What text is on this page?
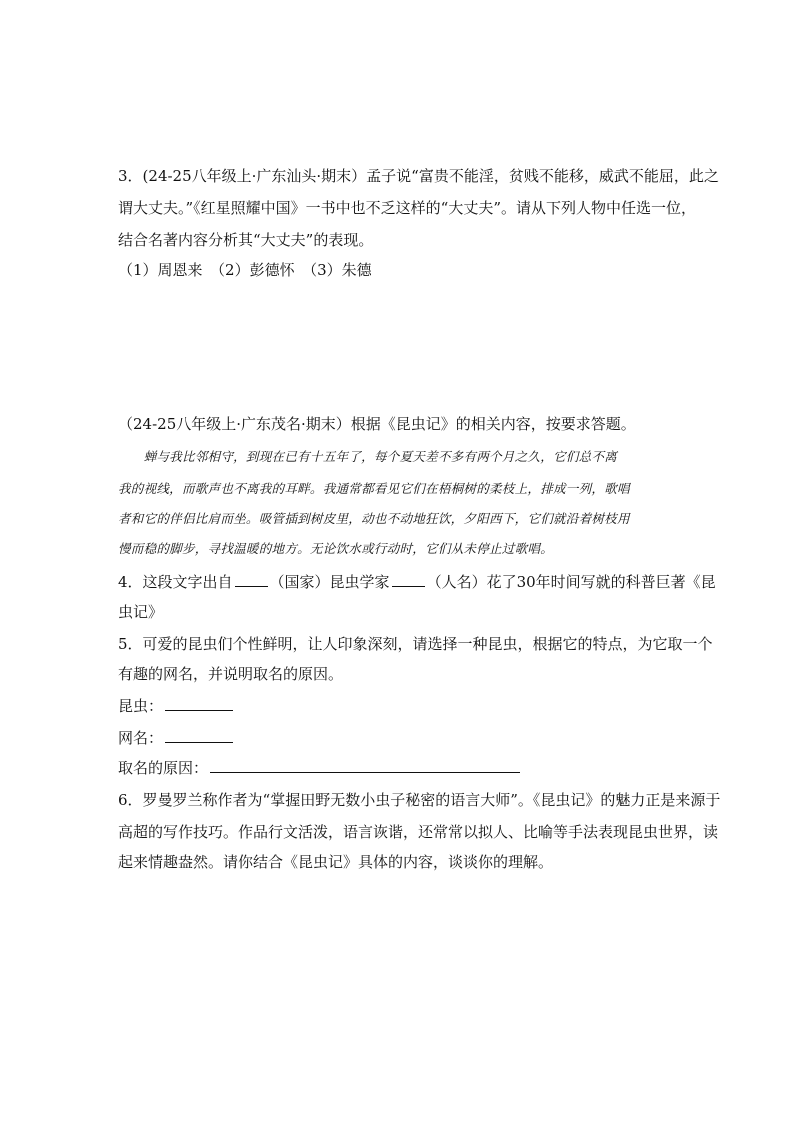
3．(24-25八年级上·广东汕头·期末）孟子说“富贵不能淫，贫贱不能移，威武不能屈，此之
谓大丈夫。”《红星照耀中国》一书中也不乏这样的“大丈夫”。请从下列人物中任选一位，
结合名著内容分析其“大丈夫”的表现。
（1）周恩来　（2）彭德怀　（3）朱德
（24-25八年级上·广东茂名·期末）根据《昆虫记》的相关内容，按要求答题。
　　蝉与我比邻相守，到现在已有十五年了，每个夏天差不多有两个月之久，它们总不离
我的视线，而歌声也不离我的耳畔。我通常都看见它们在梧桐树的柔枝上，排成一列，歌唱
者和它的伴侣比肩而坐。吸管插到树皮里，动也不动地狂饮，夕阳西下，它们就沿着树枝用
慢而稳的脚步，寻找温暖的地方。无论饮水或行动时，它们从未停止过歌唱。
4．这段文字出自 （国家）昆虫学家 （人名）花了30年时间写就的科普巨著《昆
虫记》
5．可爱的昆虫们个性鲜明，让人印象深刻，请选择一种昆虫，根据它的特点，为它取一个
有趣的网名，并说明取名的原因。
昆虫：
网名：
取名的原因：
6．罗曼罗兰称作者为“掌握田野无数小虫子秘密的语言大师”。《昆虫记》的魅力正是来源于
高超的写作技巧。作品行文活泼，语言诙谐，还常常以拟人、比喻等手法表现昆虫世界，读
起来情趣盎然。请你结合《昆虫记》具体的内容，谈谈你的理解。
